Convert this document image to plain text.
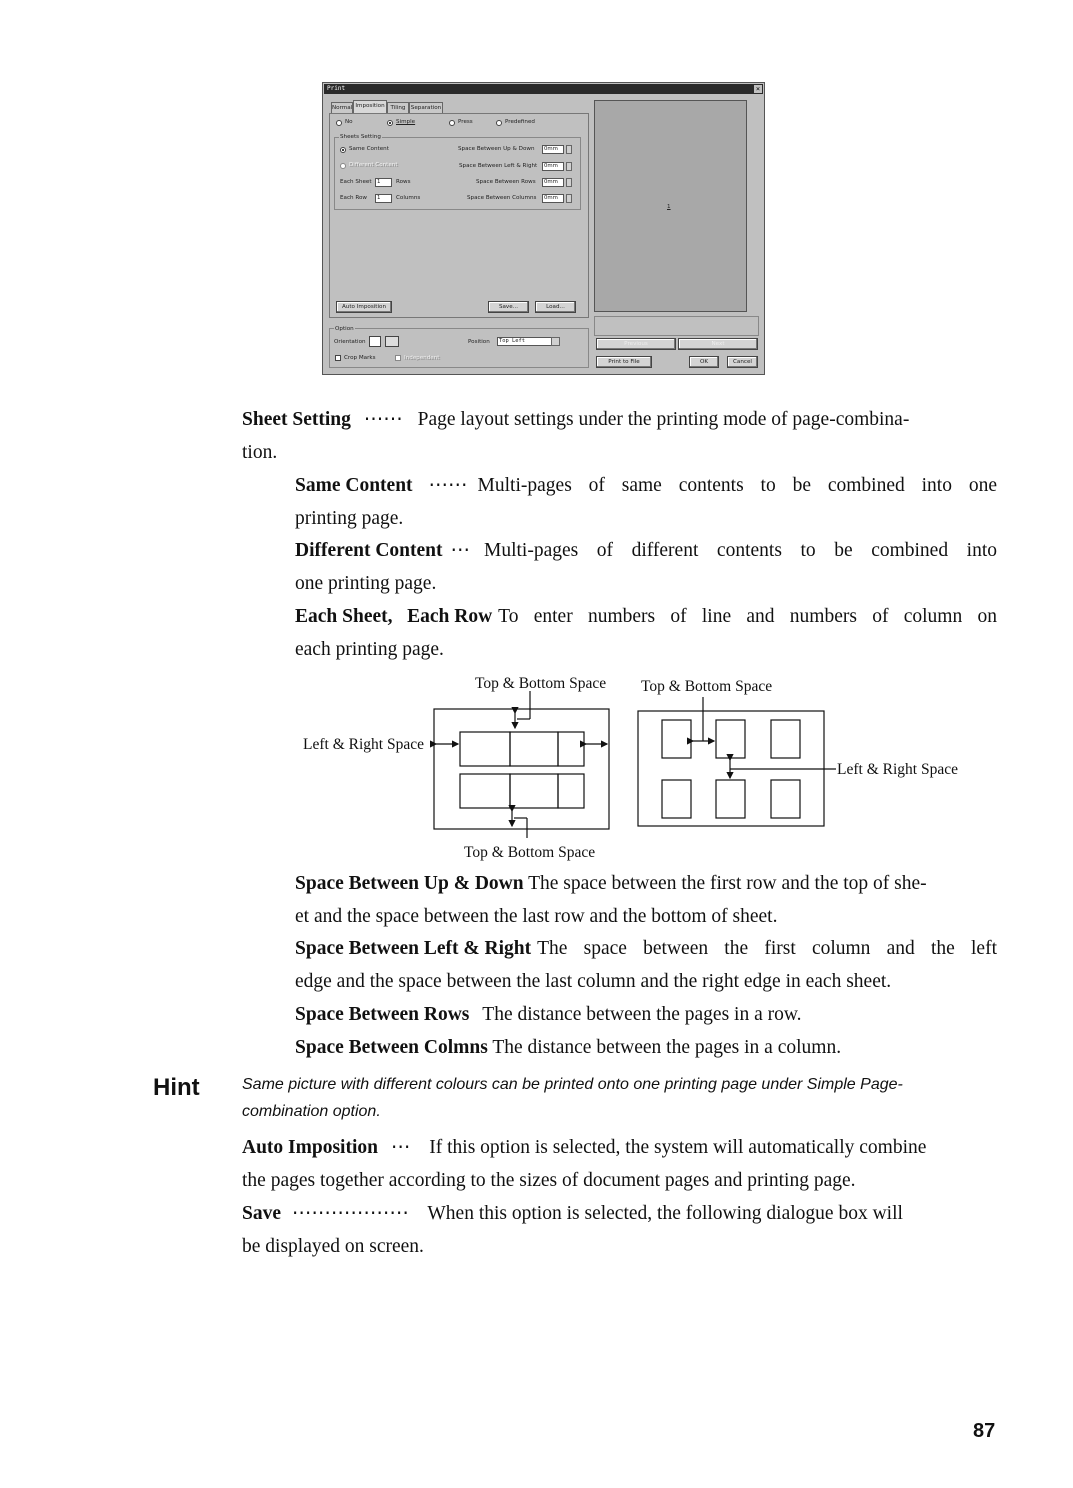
Print	×
Normal Imposition	Tiling Separation
No	Simple	Press	Predefined
Sheets Setting
Same Content
Different Content
Each Sheet	1	Rows
Each Row	1	Columns
Space Between Up & Down	0mm
Space Between Left & Right	0mm
Space Between Rows	0mm
Space Between Columns	0mm
Auto Imposition	Save...	Load...
Option
Orientation	Position	Top Left
Crop Marks	Independent
1
Previous	Next
Print to File	OK	Cancel
Sheet Setting ⋯⋯ Page layout settings under the printing mode of page-combina-
tion.
Same Content ⋯⋯ Multi-pages of same contents to be combined into one
printing page.
Different Content ⋯ Multi-pages of different contents to be combined into
one printing page.
Each Sheet,   Each Row To enter numbers of line and numbers of column on
each printing page.
Top & Bottom Space Top & Bottom Space
Left & Right Space
Left & Right Space
Top & Bottom Space
Space Between Up & Down The space between the first row and the top of she-
et and the space between the last row and the bottom of sheet.
Space Between Left & Right The space between the first column and the left
edge and the space between the last column and the right edge in each sheet.
Space Between Rows The distance between the pages in a row.
Space Between Colmns The distance between the pages in a column.
Hint	Same picture with different colours can be printed onto one printing page under Simple Page-
combination option.
Auto Imposition ⋯ If this option is selected, the system will automatically combine
the pages together according to the sizes of document pages and printing page.
Save ⋯⋯⋯⋯⋯⋯ When this option is selected, the following dialogue box will
be displayed on screen.
87
